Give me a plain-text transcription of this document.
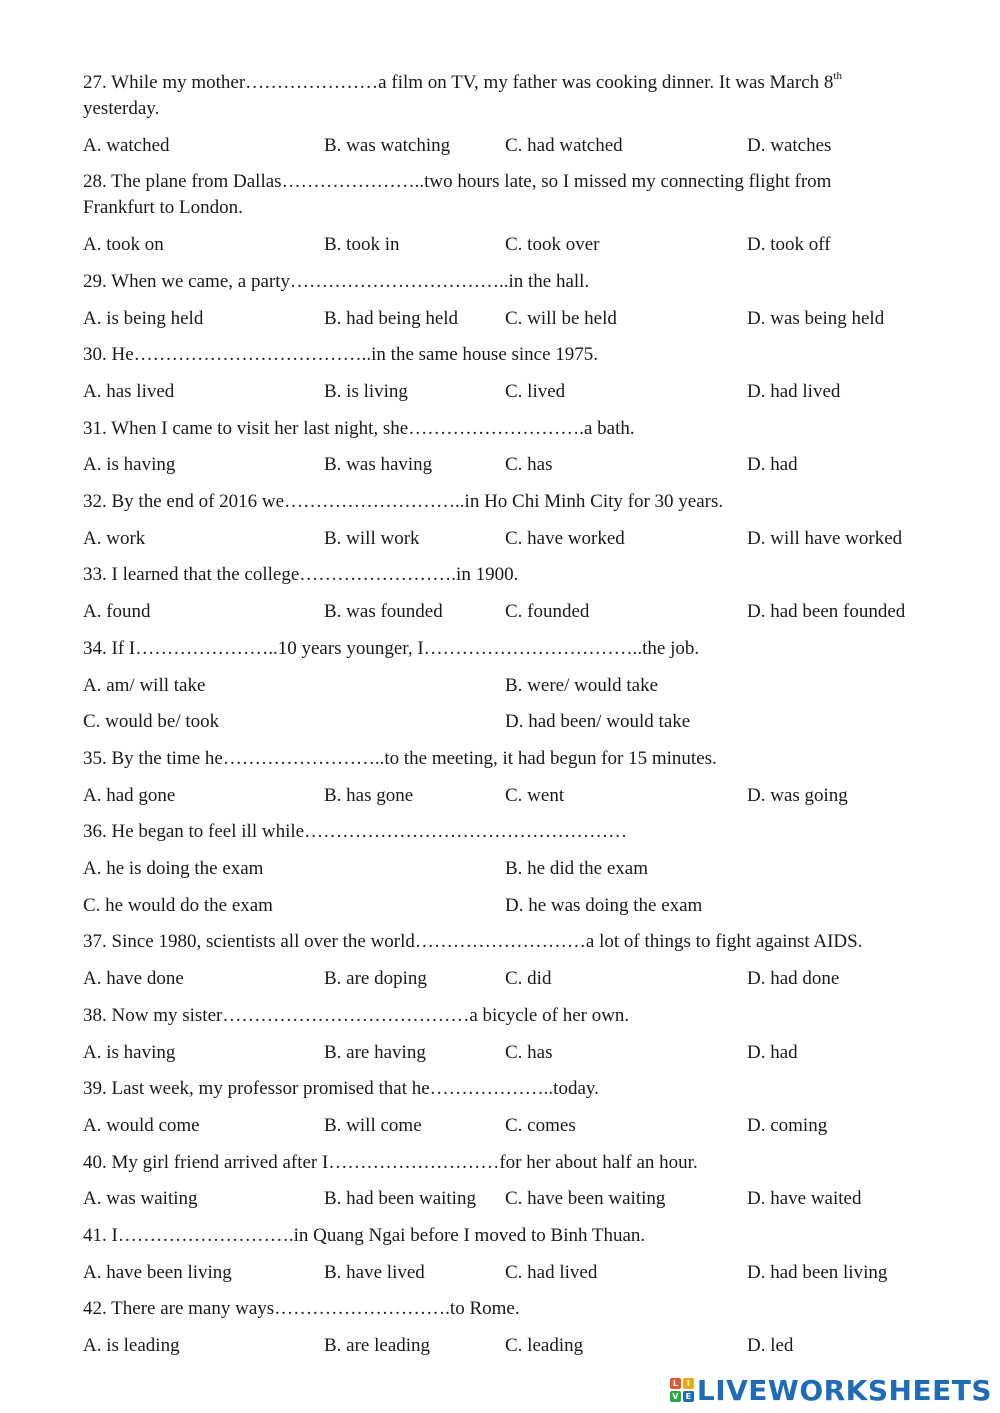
27. While my mother…………………a film on TV, my father was cooking dinner. It was March 8th
yesterday.
A. watched	B. was watching	C. had watched	D. watches
28. The plane from Dallas…………………..two hours late, so I missed my connecting flight from
Frankfurt to London.
A. took on	B. took in	C. took over	D. took off
29. When we came, a party……………………………..in the hall.
A. is being held	B. had being held C. will be held	D. was being held
30. He………………………………..in the same house since 1975.
A. has lived	B. is living	C. lived	D. had lived
31. When I came to visit her last night, she……………………….a bath.
A. is having	B. was having	C. has	D. had
32. By the end of 2016 we………………………..in Ho Chi Minh City for 30 years.
A. work	B. will work	C. have worked	D. will have worked
33. I learned that the college…………………….in 1900.
A. found	B. was founded	C. founded	D. had been founded
34. If I…………………..10 years younger, I……………………………..the job.
A. am/ will take	B. were/ would take
C. would be/ took	D. had been/ would take
35. By the time he……………………..to the meeting, it had begun for 15 minutes.
A. had gone	B. has gone	C. went	D. was going
36. He began to feel ill while……………………………………………
A. he is doing the exam	B. he did the exam
C. he would do the exam	D. he was doing the exam
37. Since 1980, scientists all over the world………………………a lot of things to fight against AIDS.
A. have done	B. are doping	C. did	D. had done
38. Now my sister…………………………………a bicycle of her own.
A. is having	B. are having	C. has	D. had
39. Last week, my professor promised that he………………..today.
A. would come	B. will come	C. comes	D. coming
40. My girl friend arrived after I………………………for her about half an hour.
A. was waiting	B. had been waiting C. have been waiting	D. have waited
41. I……………………….in Quang Ngai before I moved to Binh Thuan.
A. have been living	B. have lived	C. had lived	D. had been living
42. There are many ways……………………….to Rome.
A. is leading	B. are leading	C. leading	D. led
L	I
V E LIVEWORKSHEETS
